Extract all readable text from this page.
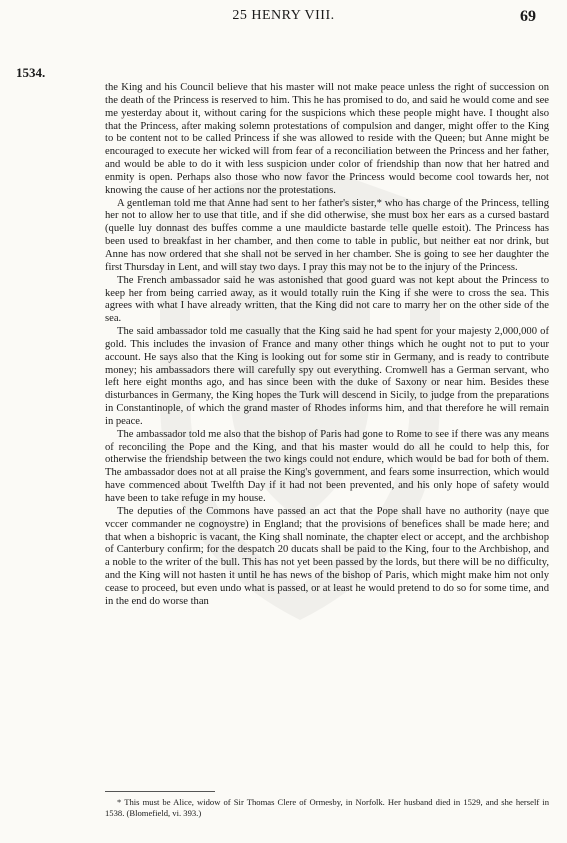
25 HENRY VIII.	69
1534.

the King and his Council believe that his master will not make peace unless the right of succession on the death of the Princess is reserved to him. This he has promised to do, and said he would come and see me yesterday about it, without caring for the suspicions which these people might have. I thought also that the Princess, after making solemn protestations of compulsion and danger, might offer to the King to be content not to be called Princess if she was allowed to reside with the Queen; but Anne might be encouraged to execute her wicked will from fear of a reconciliation between the Princess and her father, and would be able to do it with less suspicion under color of friendship than now that her hatred and enmity is open. Perhaps also those who now favor the Princess would become cool towards her, not knowing the cause of her actions nor the protestations.

A gentleman told me that Anne had sent to her father's sister,* who has charge of the Princess, telling her not to allow her to use that title, and if she did otherwise, she must box her ears as a cursed bastard (quelle luy donnast des buffes comme a une mauldicte bastarde telle quelle estoit). The Princess has been used to breakfast in her chamber, and then come to table in public, but neither eat nor drink, but Anne has now ordered that she shall not be served in her chamber. She is going to see her daughter the first Thursday in Lent, and will stay two days. I pray this may not be to the injury of the Princess.

The French ambassador said he was astonished that good guard was not kept about the Princess to keep her from being carried away, as it would totally ruin the King if she were to cross the sea. This agrees with what I have already written, that the King did not care to marry her on the other side of the sea.

The said ambassador told me casually that the King said he had spent for your majesty 2,000,000 of gold. This includes the invasion of France and many other things which he ought not to put to your account. He says also that the King is looking out for some stir in Germany, and is ready to contribute money; his ambassadors there will carefully spy out everything. Cromwell has a German servant, who left here eight months ago, and has since been with the duke of Saxony or near him. Besides these disturbances in Germany, the King hopes the Turk will descend in Sicily, to judge from the preparations in Constantinople, of which the grand master of Rhodes informs him, and that therefore he will remain in peace.

The ambassador told me also that the bishop of Paris had gone to Rome to see if there was any means of reconciling the Pope and the King, and that his master would do all he could to help this, for otherwise the friendship between the two kings could not endure, which would be bad for both of them. The ambassador does not at all praise the King's government, and fears some insurrection, which would have commenced about Twelfth Day if it had not been prevented, and his only hope of safety would have been to take refuge in my house.

The deputies of the Commons have passed an act that the Pope shall have no authority (naye que vccer commander ne cognoystre) in England; that the provisions of benefices shall be made here; and that when a bishopric is vacant, the King shall nominate, the chapter elect or accept, and the archbishop of Canterbury confirm; for the despatch 20 ducats shall be paid to the King, four to the Archbishop, and a noble to the writer of the bull. This has not yet been passed by the lords, but there will be no difficulty, and the King will not hasten it until he has news of the bishop of Paris, which might make him not only cease to proceed, but even undo what is passed, or at least he would pretend to do so for some time, and in the end do worse than

* This must be Alice, widow of Sir Thomas Clere of Ormesby, in Norfolk. Her husband died in 1529, and she herself in 1538. (Blomefield, vi. 393.)
